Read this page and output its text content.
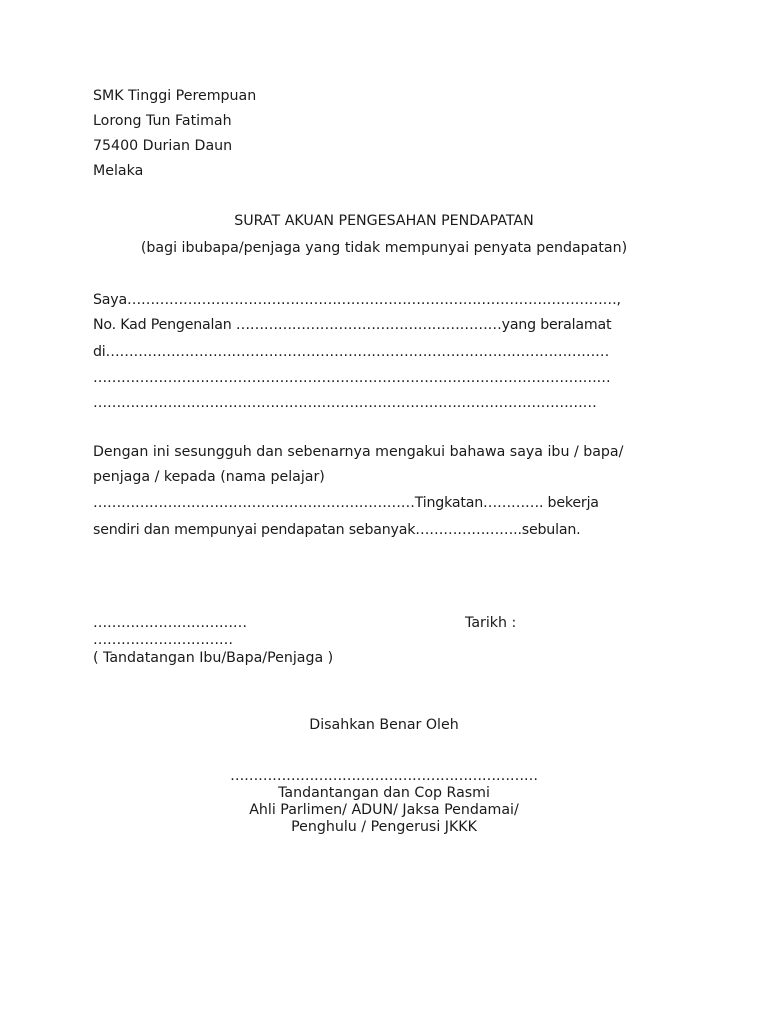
SMK Tinggi Perempuan
Lorong Tun Fatimah
75400 Durian Daun
Melaka
SURAT AKUAN PENGESAHAN PENDAPATAN
(bagi ibubapa/penjaga yang tidak mempunyai penyata pendapatan)
Saya……………………………………………………………………………………………,
No. Kad Pengenalan …………………………………………………yang beralamat
di………………………………………………………………………………………………
…………………………………………………………………………………………………
………………………………………………………………………………………………
Dengan ini sesungguh dan sebenarnya mengakui bahawa saya ibu / bapa/
penjaga / kepada (nama pelajar)
……………………………………………………………Tingkatan…………. bekerja
sendiri dan mempunyai pendapatan sebanyak…………………..sebulan.
……………………………	Tarikh :
…………………………
( Tandatangan Ibu/Bapa/Penjaga )
Disahkan Benar Oleh
…………………………………………………………
Tandantangan dan Cop Rasmi
Ahli Parlimen/ ADUN/ Jaksa Pendamai/
Penghulu / Pengerusi JKKK
